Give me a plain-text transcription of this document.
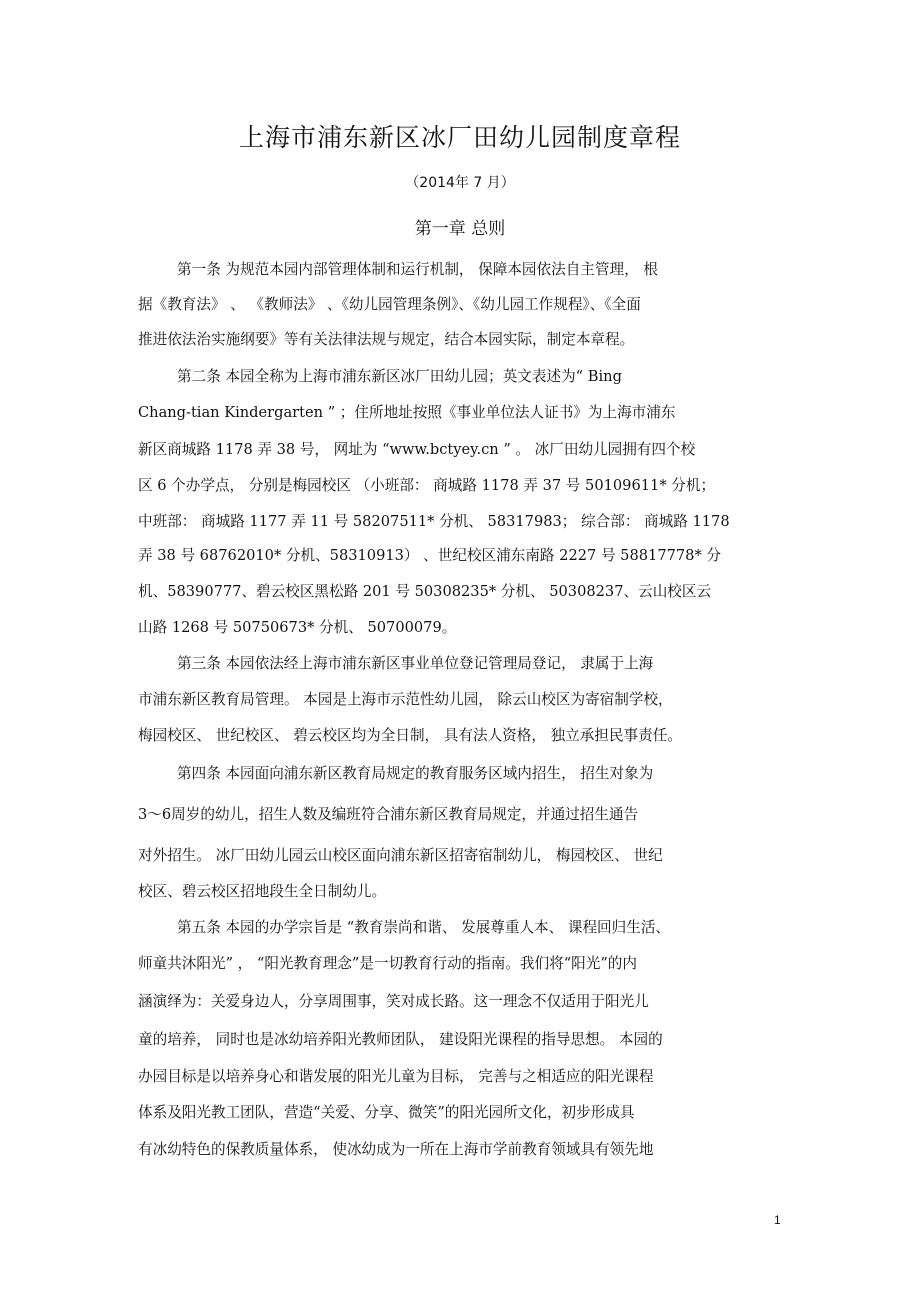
上海市浦东新区冰厂田幼儿园制度章程
（2014年 7 月）
第一章 总则
第一条 为规范本园内部管理体制和运行机制， 保障本园依法自主管理， 根
据《教育法》 、 《教师法》 、《幼儿园管理条例》、《幼儿园工作规程》、《全面
推进依法治实施纲要》等有关法律法规与规定，结合本园实际，制定本章程。
第二条 本园全称为上海市浦东新区冰厂田幼儿园；英文表述为“ Bing
Chang-tian Kindergarten ” ；住所地址按照《事业单位法人证书》为上海市浦东
新区商城路 1178 弄 38 号， 网址为 “www.bctyey.cn ” 。 冰厂田幼儿园拥有四个校
区 6 个办学点， 分别是梅园校区 （小班部： 商城路 1178 弄 37 号 50109611* 分机；
中班部： 商城路 1177 弄 11 号 58207511* 分机、 58317983； 综合部： 商城路 1178
弄 38 号 68762010* 分机、58310913） 、世纪校区浦东南路 2227 号 58817778* 分
机、58390777、碧云校区黑松路 201 号 50308235* 分机、 50308237、云山校区云
山路 1268 号 50750673* 分机、 50700079。
第三条 本园依法经上海市浦东新区事业单位登记管理局登记， 隶属于上海
市浦东新区教育局管理。 本园是上海市示范性幼儿园， 除云山校区为寄宿制学校，
梅园校区、 世纪校区、 碧云校区均为全日制， 具有法人资格， 独立承担民事责任。
第四条 本园面向浦东新区教育局规定的教育服务区域内招生， 招生对象为
3〜6周岁的幼儿，招生人数及编班符合浦东新区教育局规定，并通过招生通告
对外招生。 冰厂田幼儿园云山校区面向浦东新区招寄宿制幼儿， 梅园校区、 世纪
校区、碧云校区招地段生全日制幼儿。
第五条 本园的办学宗旨是 “教育崇尚和谐、 发展尊重人本、 课程回归生活、
师童共沐阳光” ， “阳光教育理念”是一切教育行动的指南。我们将“阳光”的内
涵演绎为：关爱身边人，分享周围事，笑对成长路。这一理念不仅适用于阳光儿
童的培养， 同时也是冰幼培养阳光教师团队， 建设阳光课程的指导思想。 本园的
办园目标是以培养身心和谐发展的阳光儿童为目标， 完善与之相适应的阳光课程
体系及阳光教工团队，营造“关爱、分享、微笑”的阳光园所文化，初步形成具
有冰幼特色的保教质量体系， 使冰幼成为一所在上海市学前教育领域具有领先地
1
